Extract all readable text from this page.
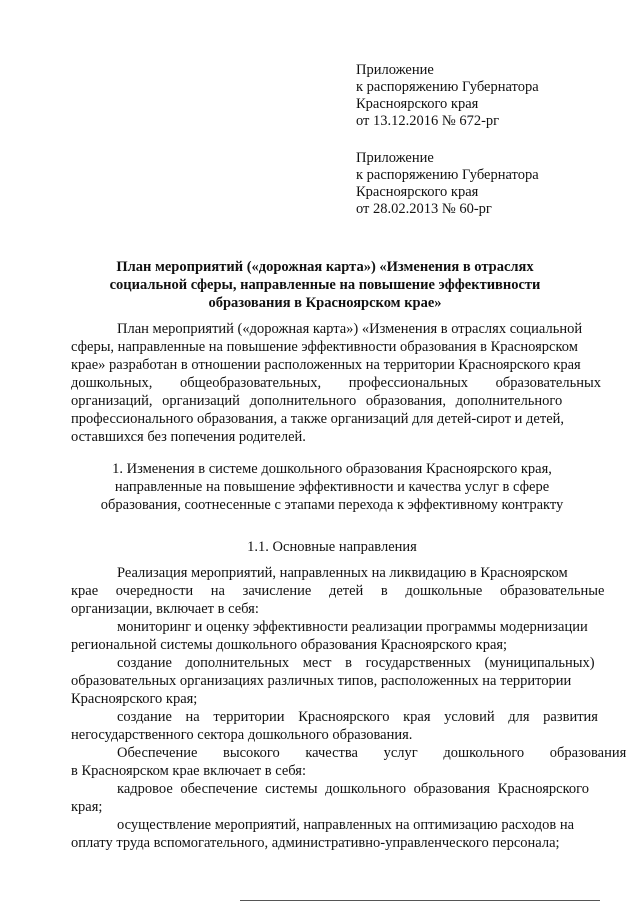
Приложение
к распоряжению Губернатора
Красноярского края
от 13.12.2016 № 672-рг
Приложение
к распоряжению Губернатора
Красноярского края
от 28.02.2013 № 60-рг
План мероприятий («дорожная карта») «Изменения в отраслях
социальной сферы, направленные на повышение эффективности
образования в Красноярском крае»
План мероприятий («дорожная карта») «Изменения в отраслях социальной
сферы, направленные на повышение эффективности образования в Красноярском
крае» разработан в отношении расположенных на территории Красноярского края
дошкольных, общеобразовательных, профессиональных образовательных
организаций, организаций дополнительного образования, дополнительного
профессионального образования, а также организаций для детей-сирот и детей,
оставшихся без попечения родителей.
1. Изменения в системе дошкольного образования Красноярского края,
направленные на повышение эффективности и качества услуг в сфере
образования, соотнесенные с этапами перехода к эффективному контракту
1.1. Основные направления
Реализация мероприятий, направленных на ликвидацию в Красноярском
крае очередности на зачисление детей в дошкольные образовательные
организации, включает в себя:
мониторинг и оценку эффективности реализации программы модернизации
региональной системы дошкольного образования Красноярского края;
создание дополнительных мест в государственных (муниципальных)
образовательных организациях различных типов, расположенных на территории
Красноярского края;
создание на территории Красноярского края условий для развития
негосударственного сектора дошкольного образования.
Обеспечение высокого качества услуг дошкольного образования
в Красноярском крае включает в себя:
кадровое обеспечение системы дошкольного образования Красноярского
края;
осуществление мероприятий, направленных на оптимизацию расходов на
оплату труда вспомогательного, административно-управленческого персонала;
